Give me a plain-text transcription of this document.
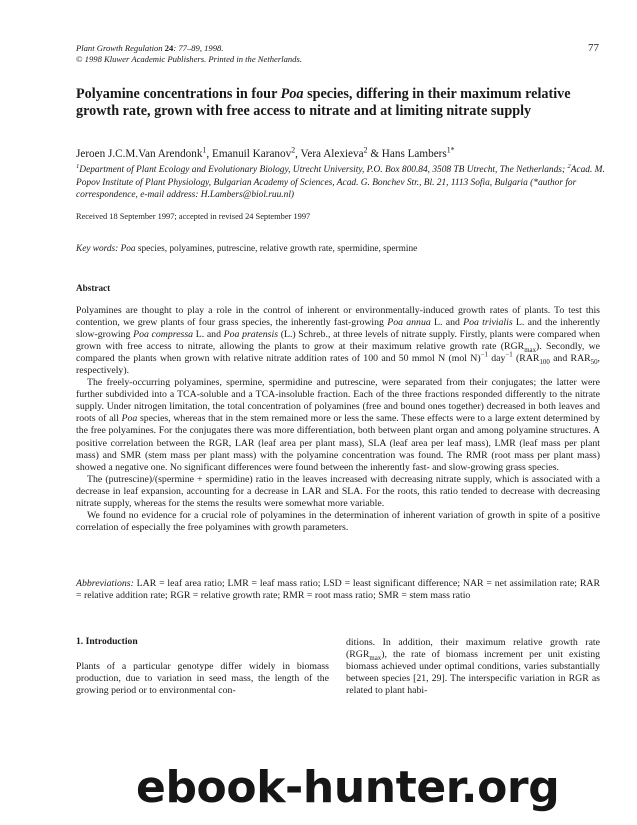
Plant Growth Regulation 24: 77–89, 1998.
© 1998 Kluwer Academic Publishers. Printed in the Netherlands.
77
Polyamine concentrations in four Poa species, differing in their maximum relative growth rate, grown with free access to nitrate and at limiting nitrate supply
Jeroen J.C.M.Van Arendonk$^1$, Emanuil Karanov$^2$, Vera Alexieva$^2$ & Hans Lambers$^{1*}$
$^1$Department of Plant Ecology and Evolutionary Biology, Utrecht University, P.O. Box 800.84, 3508 TB Utrecht, The Netherlands; $^2$Acad. M. Popov Institute of Plant Physiology, Bulgarian Academy of Sciences, Acad. G. Bonchev Str., Bl. 21, 1113 Sofia, Bulgaria (*author for correspondence, e-mail address: H.Lambers@biol.ruu.nl)
Received 18 September 1997; accepted in revised 24 September 1997
Key words: Poa species, polyamines, putrescine, relative growth rate, spermidine, spermine
Abstract

Polyamines are thought to play a role in the control of inherent or environmentally-induced growth rates of plants. To test this contention, we grew plants of four grass species, the inherently fast-growing Poa annua L. and Poa trivialis L. and the inherently slow-growing Poa compressa L. and Poa pratensis (L.) Schreb., at three levels of nitrate supply. Firstly, plants were compared when grown with free access to nitrate, allowing the plants to grow at their maximum relative growth rate $(RGR_{max})$. Secondly, we compared the plants when grown with relative nitrate addition rates of 100 and 50 mmol N (mol N)$^{-1}$ day$^{-1}$ ($RAR_{100}$ and $RAR_{50}$, respectively).

The freely-occurring polyamines, spermine, spermidine and putrescine, were separated from their conjugates; the latter were further subdivided into a TCA-soluble and a TCA-insoluble fraction. Each of the three fractions responded differently to the nitrate supply. Under nitrogen limitation, the total concentration of polyamines (free and bound ones together) decreased in both leaves and roots of all Poa species, whereas that in the stem remained more or less the same. These effects were to a large extent determined by the free polyamines. For the conjugates there was more differentiation, both between plant organ and among polyamine structures. A positive correlation between the RGR, LAR (leaf area per plant mass), SLA (leaf area per leaf mass), LMR (leaf mass per plant mass) and SMR (stem mass per plant mass) with the polyamine concentration was found. The RMR (root mass per plant mass) showed a negative one. No significant differences were found between the inherently fast- and slow-growing grass species.

The (putrescine)/(spermine + spermidine) ratio in the leaves increased with decreasing nitrate supply, which is associated with a decrease in leaf expansion, accounting for a decrease in LAR and SLA. For the roots, this ratio tended to decrease with decreasing nitrate supply, whereas for the stems the results were somewhat more variable.

We found no evidence for a crucial role of polyamines in the determination of inherent variation of growth in spite of a positive correlation of especially the free polyamines with growth parameters.

Abbreviations: LAR = leaf area ratio; LMR = leaf mass ratio; LSD = least significant difference; NAR = net assimilation rate; RAR = relative addition rate; RGR = relative growth rate; RMR = root mass ratio; SMR = stem mass ratio
1. Introduction
Plants of a particular genotype differ widely in biomass production, due to variation in seed mass, the length of the growing period or to environmental con-
ditions. In addition, their maximum relative growth rate $(RGR_{max})$, the rate of biomass increment per unit existing biomass achieved under optimal conditions, varies substantially between species [21, 29]. The interspecific variation in RGR as related to plant habi-
ebook-hunter.org
